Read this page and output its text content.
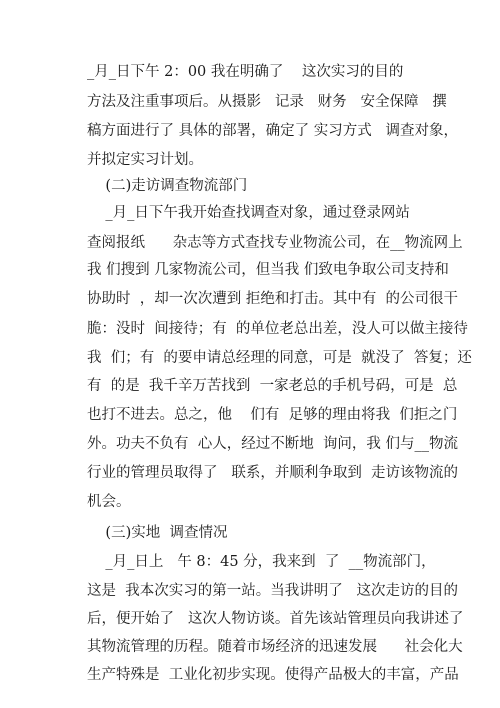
_月_日下午 2：00 我在明确了    这次实习的目的
方法及注重事项后。从摄影   记录   财务   安全保障   撰
稿方面进行了 具体的部署，确定了 实习方式   调查对象，
并拟定实习计划。
(二)走访调查物流部门
_月_日下午我开始查找调查对象，通过登录网站
查阅报纸      杂志等方式查找专业物流公司，在__物流网上
我 们搜到 几家物流公司，但当我 们致电争取公司支持和
协助时  ，却一次次遭到 拒绝和打击。其中有  的公司很干
脆：没时  间接待；有  的单位老总出差，没人可以做主接待
我  们；有  的要申请总经理的同意，可是  就没了  答复；还
有  的是  我千辛万苦找到  一家老总的手机号码，可是  总
也打不进去。总之，他    们有  足够的理由将我  们拒之门
外。功夫不负有  心人，经过不断地  询问，我 们与__物流
行业的管理员取得了   联系，并顺利争取到  走访该物流的
机会。
(三)实地  调查情况
_月_日上   午 8：45 分，我来到  了  __物流部门，
这是  我本次实习的第一站。当我讲明了   这次走访的目的
后，便开始了   这次人物访谈。首先该站管理员向我讲述了
其物流管理的历程。随着市场经济的迅速发展      社会化大
生产特殊是  工业化初步实现。使得产品极大的丰富，产品
